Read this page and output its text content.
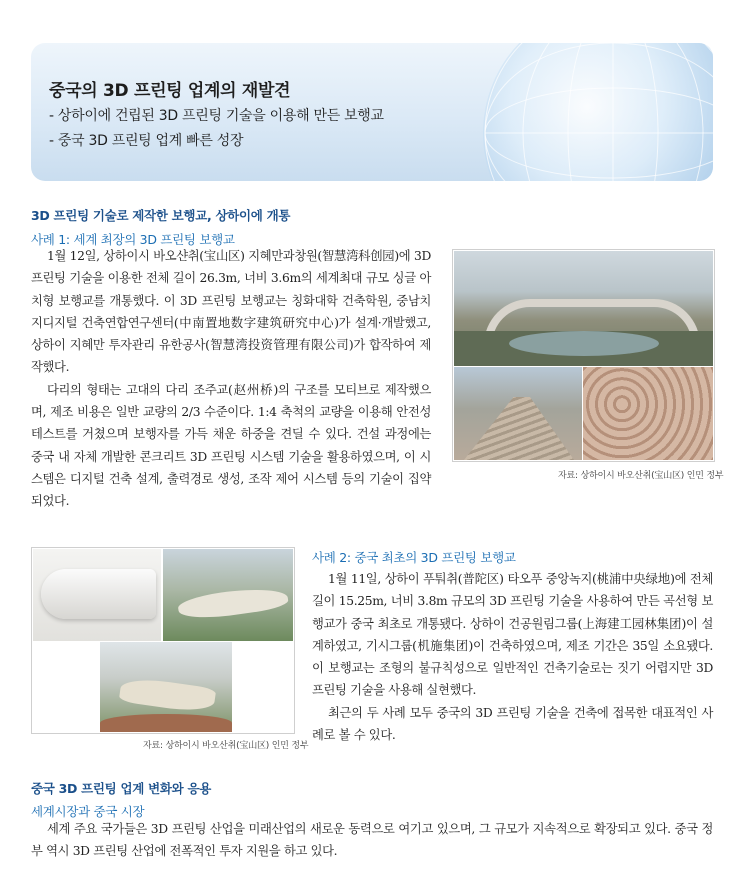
중국의 3D 프린팅 업계의 재발견
- 상하이에 건립된 3D 프린팅 기술을 이용해 만든 보행교
- 중국 3D 프린팅 업계 빠른 성장
3D 프린팅 기술로 제작한 보행교, 상하이에 개통
사례 1: 세계 최장의 3D 프린팅 보행교

1월 12일, 상하이시 바오샨취(宝山区) 지혜만과창원(智慧湾科创园)에 3D 프린팅 기술을 이용한 전체 길이 26.3m, 너비 3.6m의 세계최대 규모 싱글 아치형 보행교를 개통했다. 이 3D 프린팅 보행교는 칭화대학 건축학원, 중남치지디지털 건축연합연구센터(中南置地数字建筑研究中心)가 설계·개발했고, 상하이 지혜만 투자관리 유한공사(智慧湾投资管理有限公司)가 합작하여 제작했다.

다리의 형태는 고대의 다리 조주교(赵州桥)의 구조를 모티브로 제작했으며, 제조 비용은 일반 교량의 2/3 수준이다. 1:4 축척의 교량을 이용해 안전성 테스트를 거쳤으며 보행자를 가득 채운 하중을 견딜 수 있다. 건설 과정에는 중국 내 자체 개발한 콘크리트 3D 프린팅 시스템 기술을 활용하였으며, 이 시스템은 디지털 건축 설계, 출력경로 생성, 조작 제어 시스템 등의 기술이 집약되었다.

자료: 상하이시 바오산취(宝山区) 인민 정부
자료: 상하이시 바오산취(宝山区) 인민 정부
사례 2: 중국 최초의 3D 프린팅 보행교

1월 11일, 상하이 푸퉈취(普陀区) 타오푸 중앙녹지(桃浦中央绿地)에 전체 길이 15.25m, 너비 3.8m 규모의 3D 프린팅 기술을 사용하여 만든 곡선형 보행교가 중국 최초로 개통됐다. 상하이 건공원림그룹(上海建工园林集团)이 설계하였고, 기시그룹(机施集团)이 건축하였으며, 제조 기간은 35일 소요됐다. 이 보행교는 조형의 불규칙성으로 일반적인 건축기술로는 짓기 어렵지만 3D 프린팅 기술을 사용해 실현했다.

최근의 두 사례 모두 중국의 3D 프린팅 기술을 건축에 접목한 대표적인 사례로 볼 수 있다.

중국 3D 프린팅 업계 변화와 응용
세계시장과 중국 시장

세계 주요 국가들은 3D 프린팅 산업을 미래산업의 새로운 동력으로 여기고 있으며, 그 규모가 지속적으로 확장되고 있다. 중국 정부 역시 3D 프린팅 산업에 전폭적인 투자 지원을 하고 있다.
